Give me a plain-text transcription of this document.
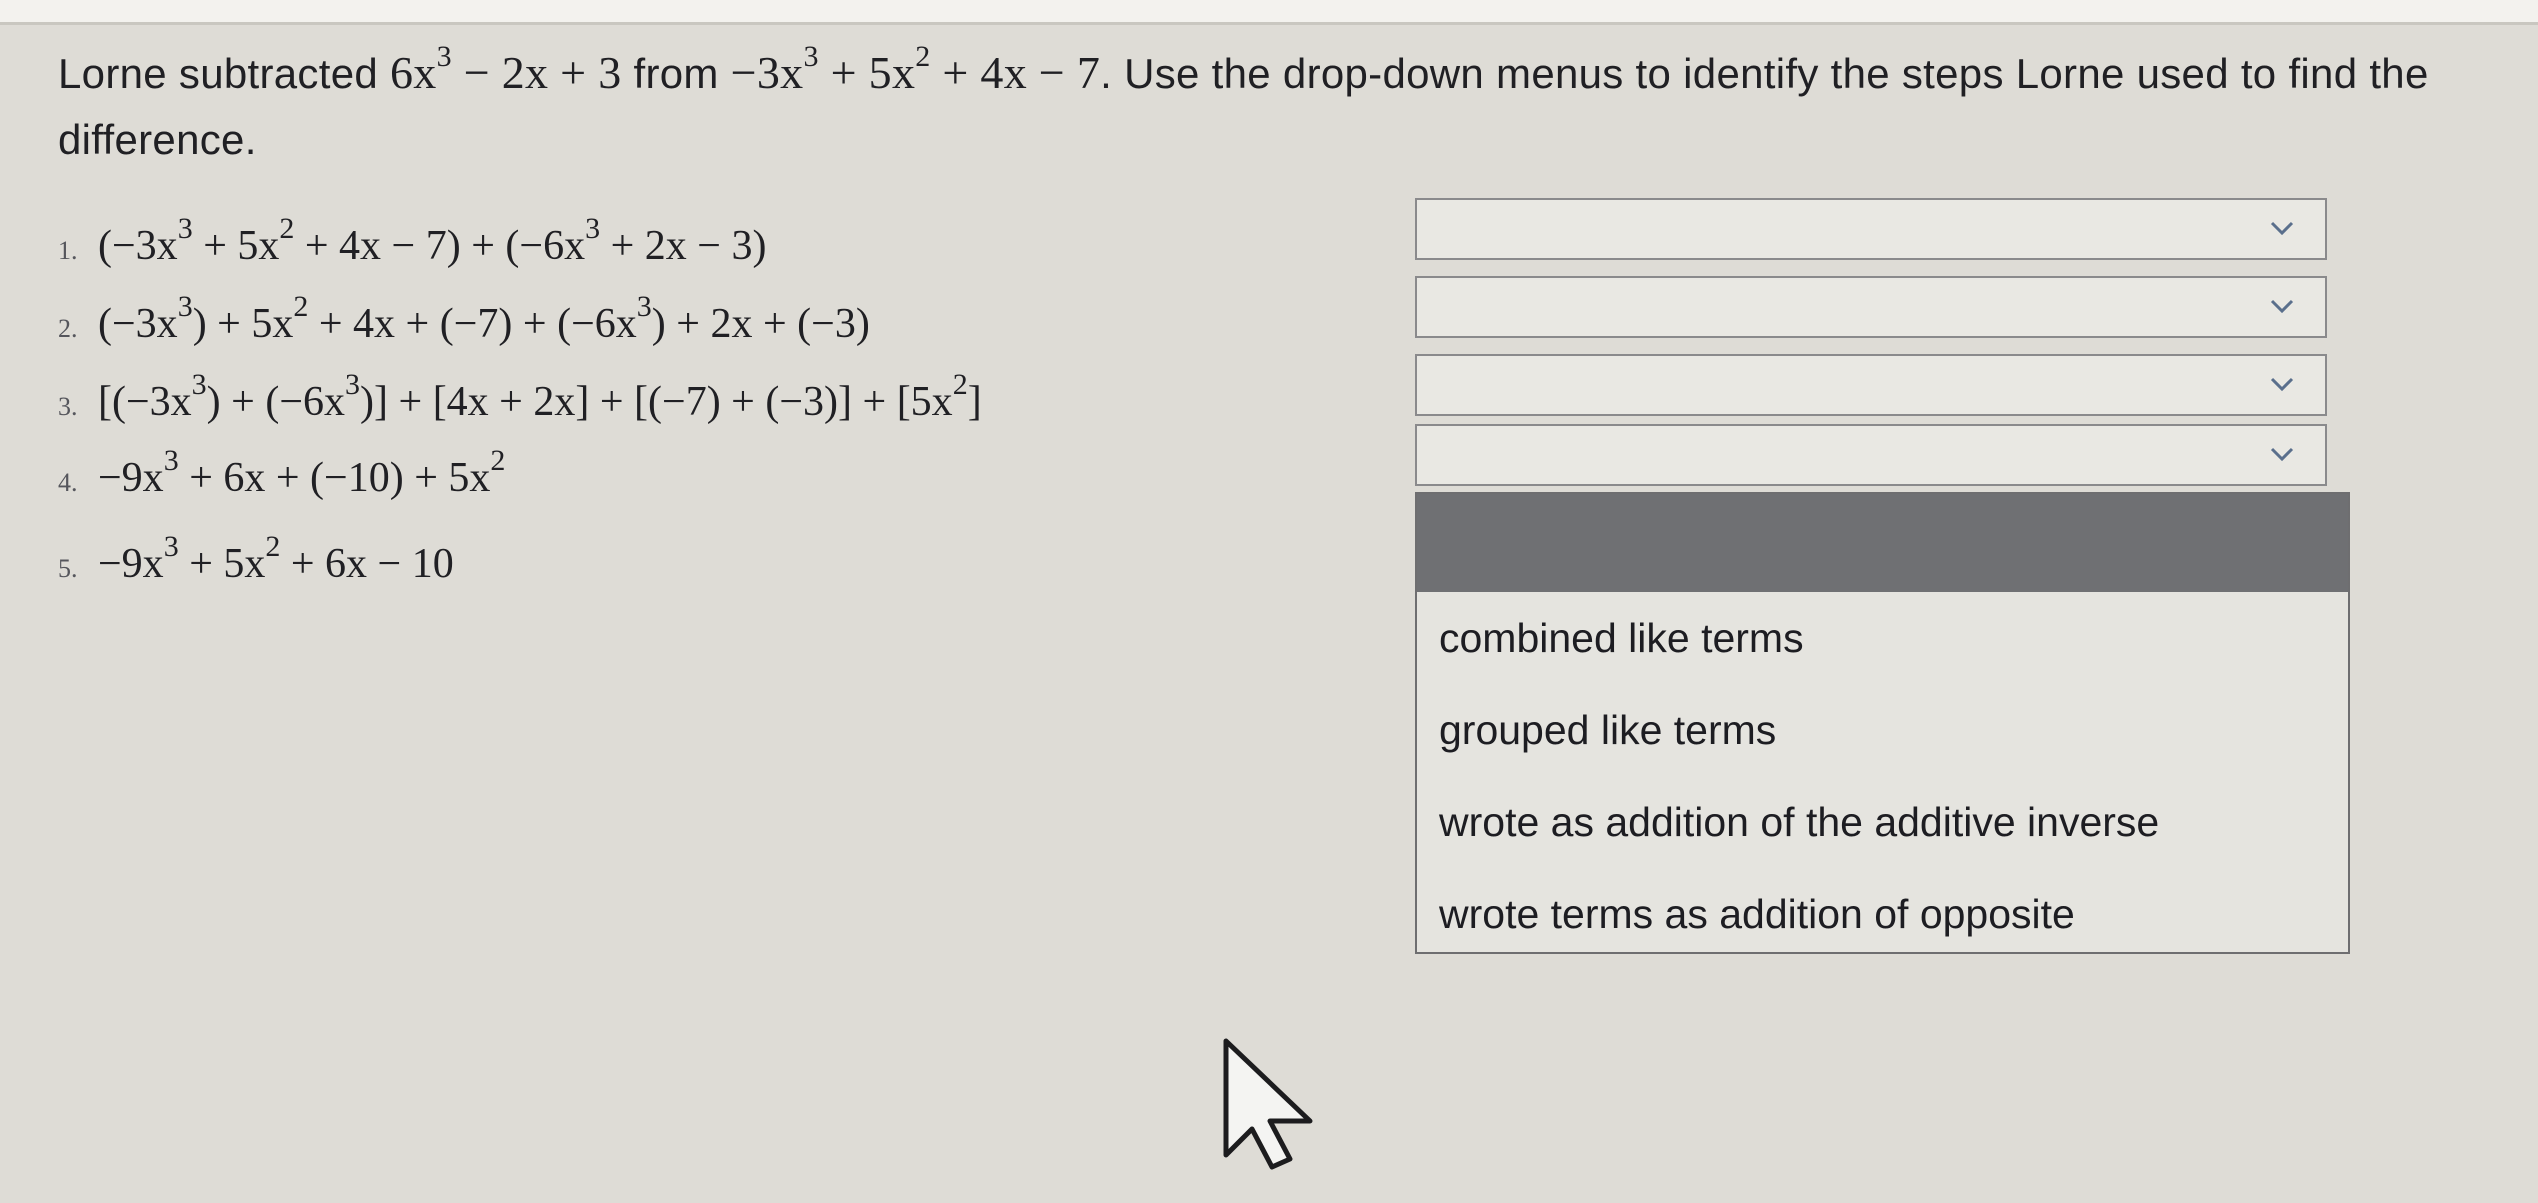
Lorne subtracted $6x^3 - 2x + 3$ from $-3x^3 + 5x^2 + 4x - 7$. Use the drop-down menus to identify the steps Lorne used to find the difference.
1. $(-3x^3 + 5x^2 + 4x - 7) + (-6x^3 + 2x - 3)$
2. $(-3x^3) + 5x^2 + 4x + (-7) + (-6x^3) + 2x + (-3)$
3. $[(-3x^3) + (-6x^3)] + [4x + 2x] + [(-7) + (-3)] + [5x^2]$
4. $-9x^3 + 6x + (-10) + 5x^2$
5. $-9x^3 + 5x^2 + 6x - 10$
combined like terms
grouped like terms
wrote as addition of the additive inverse
wrote terms as addition of opposite
